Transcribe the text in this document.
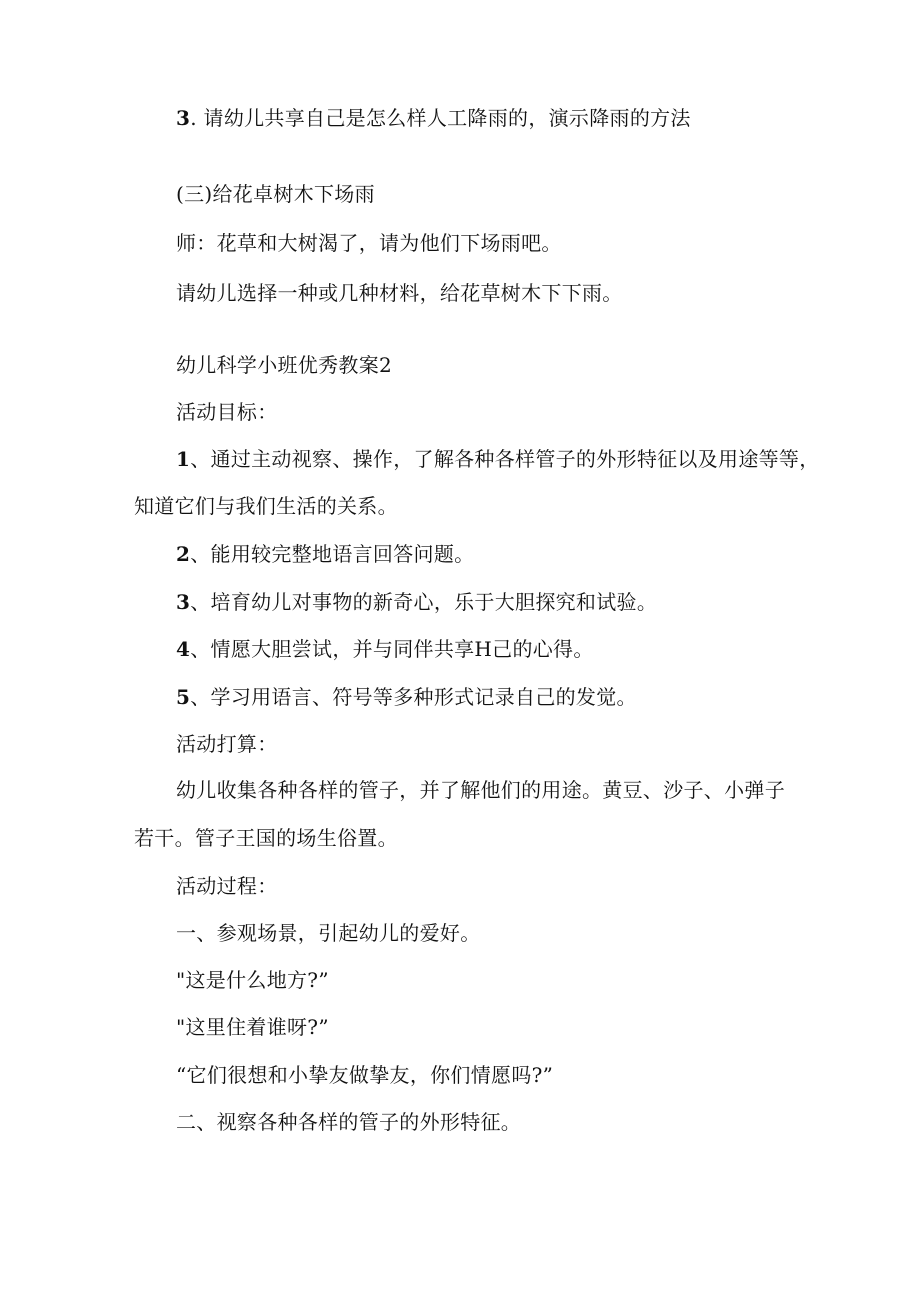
3. 请幼儿共享自己是怎么样人工降雨的，演示降雨的方法

(三)给花卓树木下场雨

师：花草和大树渴了，请为他们下场雨吧。

请幼儿选择一种或几种材料，给花草树木下下雨。

幼儿科学小班优秀教案2

活动目标：

1、通过主动视察、操作，了解各种各样管子的外形特征以及用途等等，

知道它们与我们生活的关系。

2、能用较完整地语言回答问题。

3、培育幼儿对事物的新奇心，乐于大胆探究和试验。

4、情愿大胆尝试，并与同伴共享H己的心得。

5、学习用语言、符号等多种形式记录自己的发觉。

活动打算：

幼儿收集各种各样的管子，并了解他们的用途。黄豆、沙子、小弹子

若干。管子王国的场生俗置。

活动过程：

一、参观场景，引起幼儿的爱好。

"这是什么地方?”

"这里住着谁呀?”

“它们很想和小挚友做挚友，你们情愿吗?”

二、视察各种各样的管子的外形特征。
